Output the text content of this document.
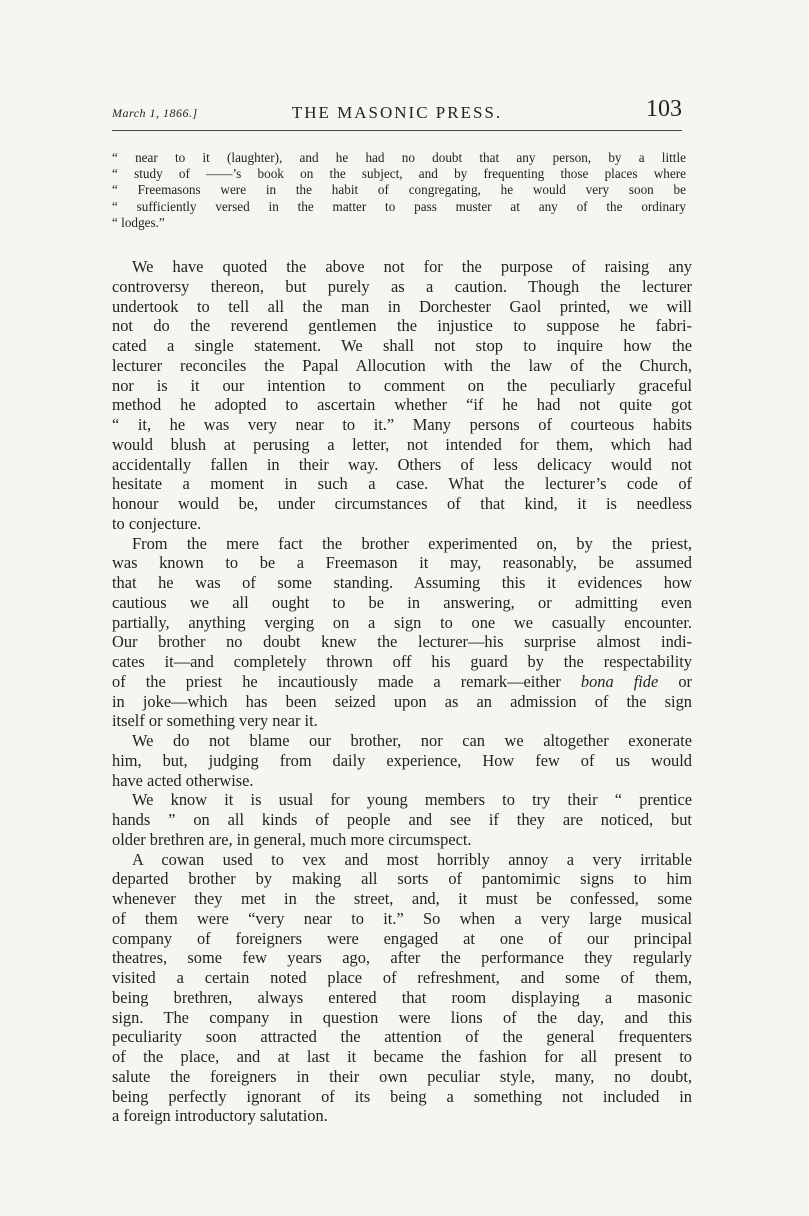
March 1, 1866.]	THE MASONIC PRESS.	103
“ near to it (laughter), and he had no doubt that any person, by a little
“ study of ——’s book on the subject, and by frequenting those places where
“ Freemasons were in the habit of congregating, he would very soon be
“ sufficiently versed in the matter to pass muster at any of the ordinary
“ lodges.”
We have quoted the above not for the purpose of raising any
controversy thereon, but purely as a caution. Though the lecturer
undertook to tell all the man in Dorchester Gaol printed, we will
not do the reverend gentlemen the injustice to suppose he fabri-
cated a single statement. We shall not stop to inquire how the
lecturer reconciles the Papal Allocution with the law of the Church,
nor is it our intention to comment on the peculiarly graceful
method he adopted to ascertain whether “if he had not quite got
“ it, he was very near to it.” Many persons of courteous habits
would blush at perusing a letter, not intended for them, which had
accidentally fallen in their way. Others of less delicacy would not
hesitate a moment in such a case. What the lecturer’s code of
honour would be, under circumstances of that kind, it is needless
to conjecture.
From the mere fact the brother experimented on, by the priest,
was known to be a Freemason it may, reasonably, be assumed
that he was of some standing. Assuming this it evidences how
cautious we all ought to be in answering, or admitting even
partially, anything verging on a sign to one we casually encounter.
Our brother no doubt knew the lecturer—his surprise almost indi-
cates it—and completely thrown off his guard by the respectability
of the priest he incautiously made a remark—either bona fide or
in joke—which has been seized upon as an admission of the sign
itself or something very near it.
We do not blame our brother, nor can we altogether exonerate
him, but, judging from daily experience, How few of us would
have acted otherwise.
We know it is usual for young members to try their “ prentice
hands ” on all kinds of people and see if they are noticed, but
older brethren are, in general, much more circumspect.
A cowan used to vex and most horribly annoy a very irritable
departed brother by making all sorts of pantomimic signs to him
whenever they met in the street, and, it must be confessed, some
of them were “very near to it.” So when a very large musical
company of foreigners were engaged at one of our principal
theatres, some few years ago, after the performance they regularly
visited a certain noted place of refreshment, and some of them,
being brethren, always entered that room displaying a masonic
sign. The company in question were lions of the day, and this
peculiarity soon attracted the attention of the general frequenters
of the place, and at last it became the fashion for all present to
salute the foreigners in their own peculiar style, many, no doubt,
being perfectly ignorant of its being a something not included in
a foreign introductory salutation.
